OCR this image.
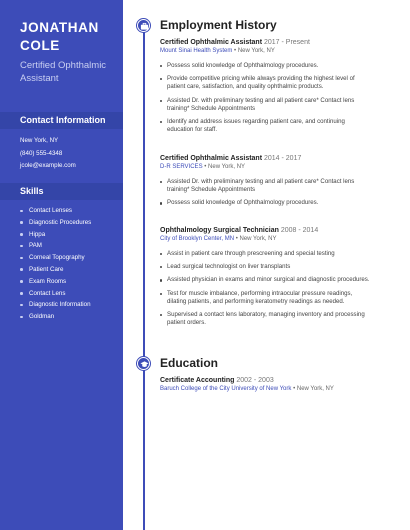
JONATHAN COLE
Certified Ophthalmic Assistant
Contact Information
New York, NY
(840) 555-4348
jcole@example.com
Skills
Contact Lenses
Diagnostic Procedures
Hippa
PAM
Corneal Topography
Patient Care
Exam Rooms
Contact Lens
Diagnostic Information
Goldman
Employment History
Certified Ophthalmic Assistant 2017 - Present
Mount Sinai Health System • New York, NY
Possess solid knowledge of Ophthalmology procedures.
Provide competitive pricing while always providing the highest level of patient care, satisfaction, and quality ophthalmic products.
Assisted Dr. with preliminary testing and all patient care* Contact lens training* Schedule Appointments
Identify and address issues regarding patient care, and continuing education for staff.
Certified Ophthalmic Assistant 2014 - 2017
D-R SERVICES • New York, NY
Assisted Dr. with preliminary testing and all patient care* Contact lens training* Schedule Appointments
Possess solid knowledge of Ophthalmology procedures.
Ophthalmology Surgical Technician 2008 - 2014
City of Brooklyn Center, MN • New York, NY
Assist in patient care through prescreening and special testing
Lead surgical technologist on liver transplants
Assisted physician in exams and minor surgical and diagnostic procedures.
Test for muscle imbalance, performing intraocular pressure readings, dilating patients, and performing keratometry readings as needed.
Supervised a contact lens laboratory, managing inventory and processing patient orders.
Education
Certificate Accounting 2002 - 2003
Baruch College of the City University of New York • New York, NY
